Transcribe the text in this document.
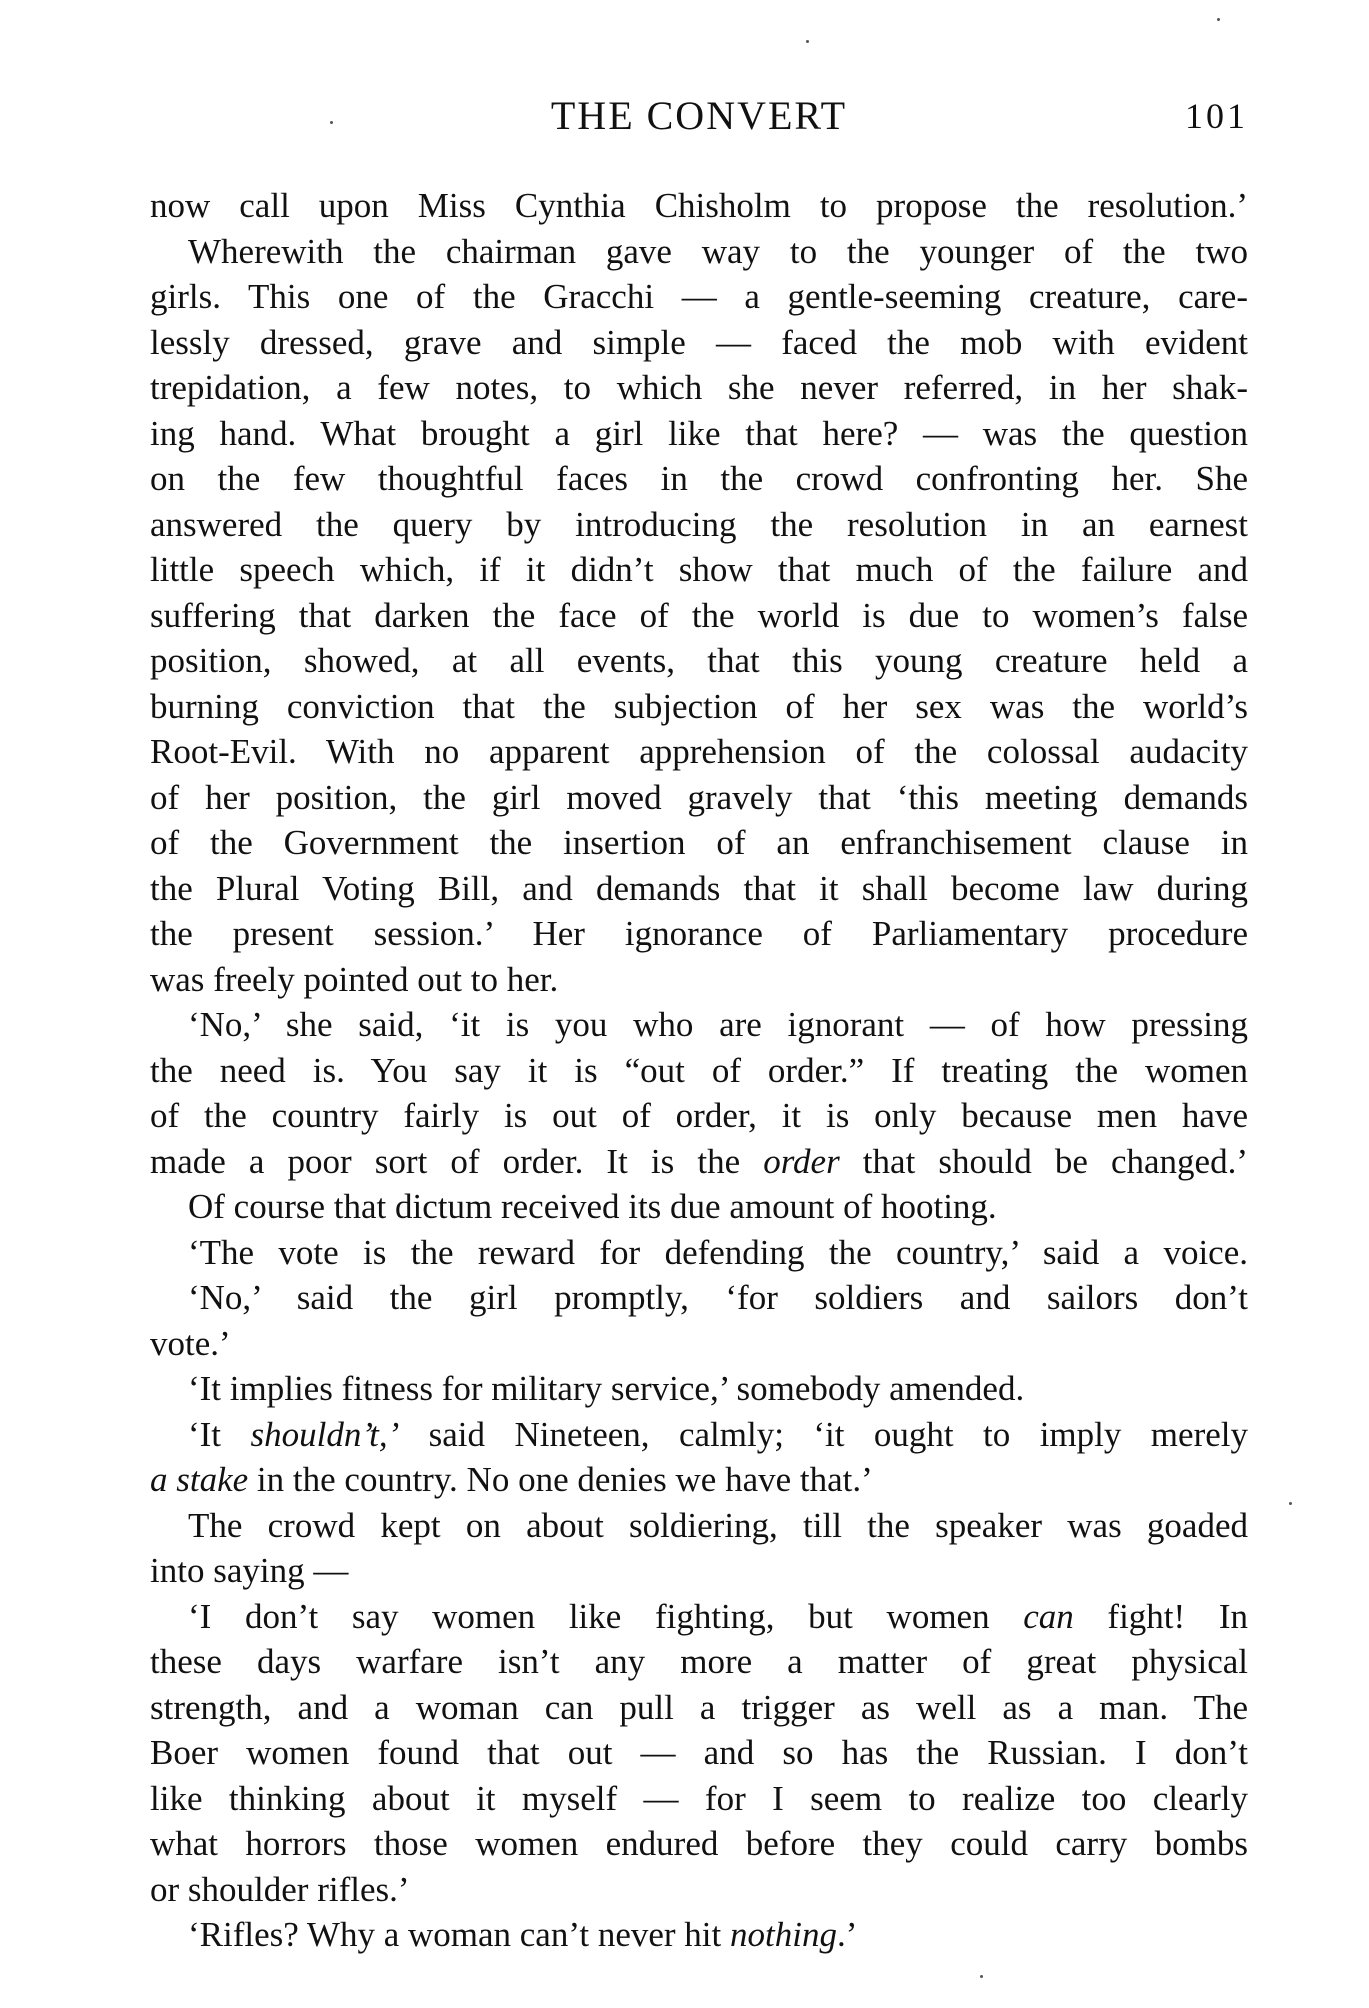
THE CONVERT	101
now call upon Miss Cynthia Chisholm to propose the resolution.’
Wherewith the chairman gave way to the younger of the two
girls. This one of the Gracchi — a gentle-seeming creature, care-
lessly dressed, grave and simple — faced the mob with evident
trepidation, a few notes, to which she never referred, in her shak-
ing hand. What brought a girl like that here? — was the question
on the few thoughtful faces in the crowd confronting her. She
answered the query by introducing the resolution in an earnest
little speech which, if it didn’t show that much of the failure and
suffering that darken the face of the world is due to women’s false
position, showed, at all events, that this young creature held a
burning conviction that the subjection of her sex was the world’s
Root-Evil. With no apparent apprehension of the colossal audacity
of her position, the girl moved gravely that ‘this meeting demands
of the Government the insertion of an enfranchisement clause in
the Plural Voting Bill, and demands that it shall become law during
the present session.’ Her ignorance of Parliamentary procedure
was freely pointed out to her.
‘No,’ she said, ‘it is you who are ignorant — of how pressing
the need is. You say it is “out of order.” If treating the women
of the country fairly is out of order, it is only because men have
made a poor sort of order. It is the order that should be changed.’
Of course that dictum received its due amount of hooting.
‘The vote is the reward for defending the country,’ said a voice.
‘No,’ said the girl promptly, ‘for soldiers and sailors don’t
vote.’
‘It implies fitness for military service,’ somebody amended.
‘It shouldn’t,’ said Nineteen, calmly; ‘it ought to imply merely
a stake in the country. No one denies we have that.’
The crowd kept on about soldiering, till the speaker was goaded
into saying —
‘I don’t say women like fighting, but women can fight! In
these days warfare isn’t any more a matter of great physical
strength, and a woman can pull a trigger as well as a man. The
Boer women found that out — and so has the Russian. I don’t
like thinking about it myself — for I seem to realize too clearly
what horrors those women endured before they could carry bombs
or shoulder rifles.’
‘Rifles? Why a woman can’t never hit nothing.’
